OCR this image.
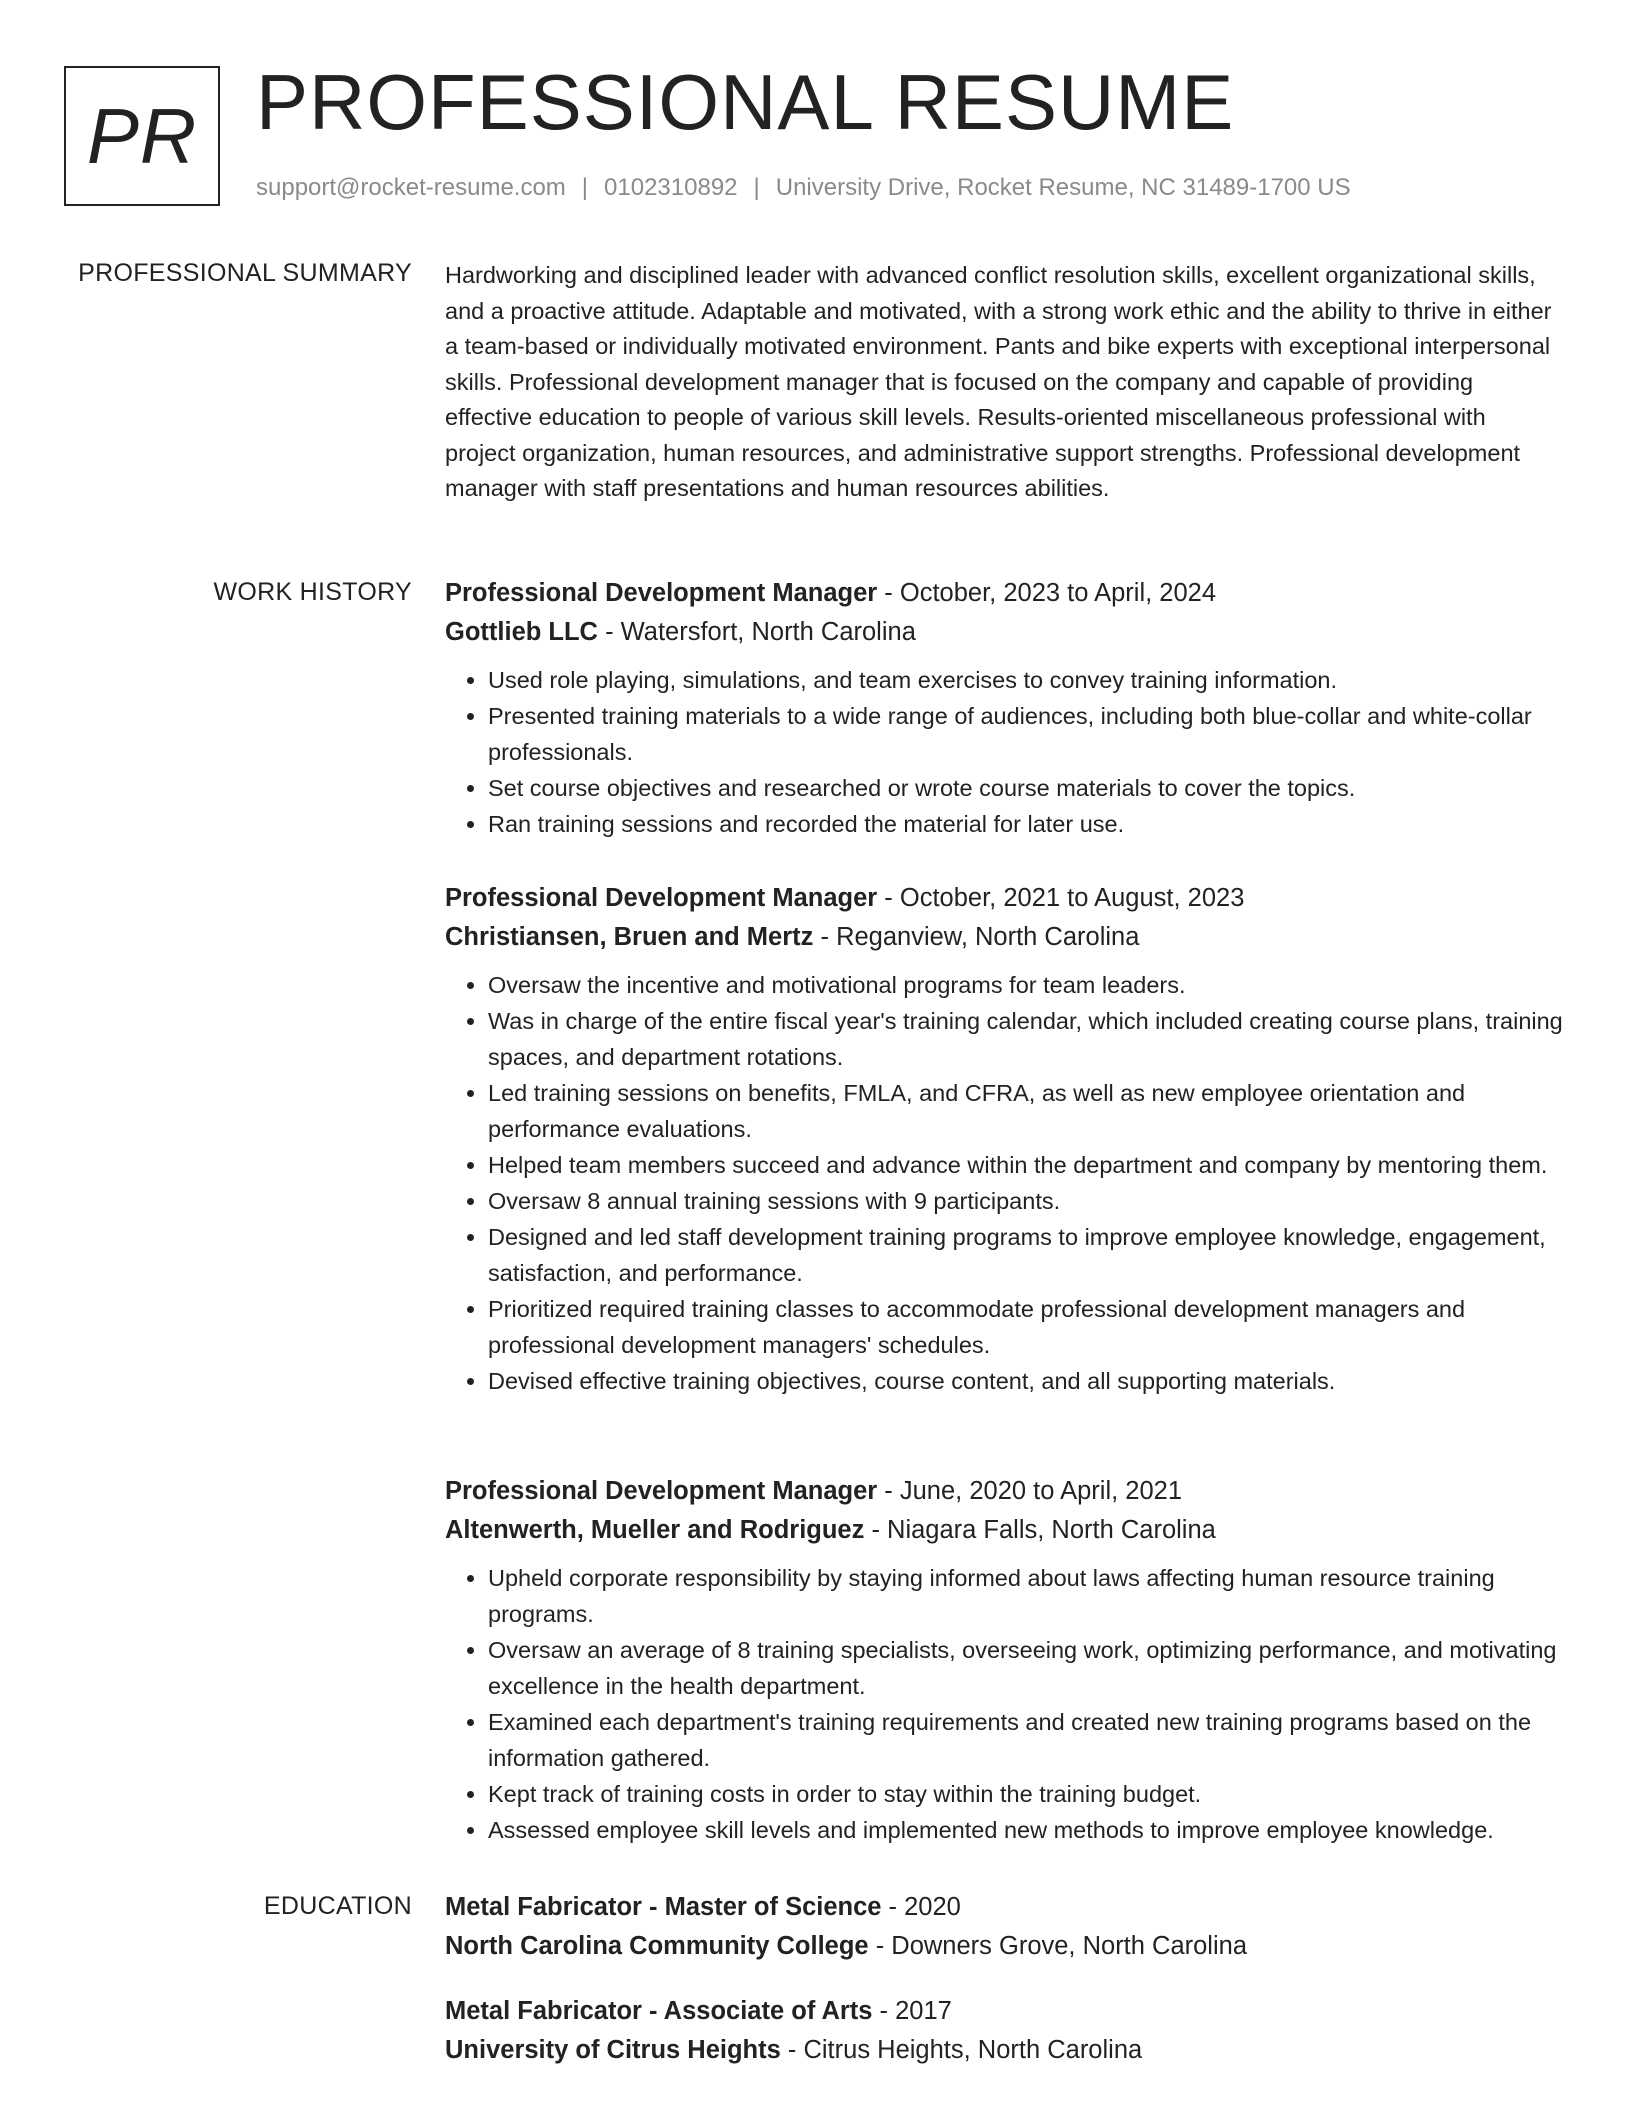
PR PROFESSIONAL RESUME
support@rocket-resume.com | 0102310892 | University Drive, Rocket Resume, NC 31489-1700 US
PROFESSIONAL SUMMARY Hardworking and disciplined leader with advanced conflict resolution skills, excellent organizational skills, and a proactive attitude. Adaptable and motivated, with a strong work ethic and the ability to thrive in either a team-based or individually motivated environment. Pants and bike experts with exceptional interpersonal skills. Professional development manager that is focused on the company and capable of providing effective education to people of various skill levels. Results-oriented miscellaneous professional with project organization, human resources, and administrative support strengths. Professional development manager with staff presentations and human resources abilities.

WORK HISTORY Professional Development Manager - October, 2023 to April, 2024
Gottlieb LLC - Watersfort, North Carolina
• Used role playing, simulations, and team exercises to convey training information.
• Presented training materials to a wide range of audiences, including both blue-collar and white-collar professionals.
• Set course objectives and researched or wrote course materials to cover the topics.
• Ran training sessions and recorded the material for later use.
Professional Development Manager - October, 2021 to August, 2023
Christiansen, Bruen and Mertz - Reganview, North Carolina
• Oversaw the incentive and motivational programs for team leaders.
• Was in charge of the entire fiscal year's training calendar, which included creating course plans, training spaces, and department rotations.
• Led training sessions on benefits, FMLA, and CFRA, as well as new employee orientation and performance evaluations.
• Helped team members succeed and advance within the department and company by mentoring them.
• Oversaw 8 annual training sessions with 9 participants.
• Designed and led staff development training programs to improve employee knowledge, engagement, satisfaction, and performance.
• Prioritized required training classes to accommodate professional development managers and professional development managers' schedules.
• Devised effective training objectives, course content, and all supporting materials.
Professional Development Manager - June, 2020 to April, 2021
Altenwerth, Mueller and Rodriguez - Niagara Falls, North Carolina
• Upheld corporate responsibility by staying informed about laws affecting human resource training programs.
• Oversaw an average of 8 training specialists, overseeing work, optimizing performance, and motivating excellence in the health department.
• Examined each department's training requirements and created new training programs based on the information gathered.
• Kept track of training costs in order to stay within the training budget.
• Assessed employee skill levels and implemented new methods to improve employee knowledge.
EDUCATION Metal Fabricator - Master of Science - 2020
North Carolina Community College - Downers Grove, North Carolina
Metal Fabricator - Associate of Arts - 2017
University of Citrus Heights - Citrus Heights, North Carolina
